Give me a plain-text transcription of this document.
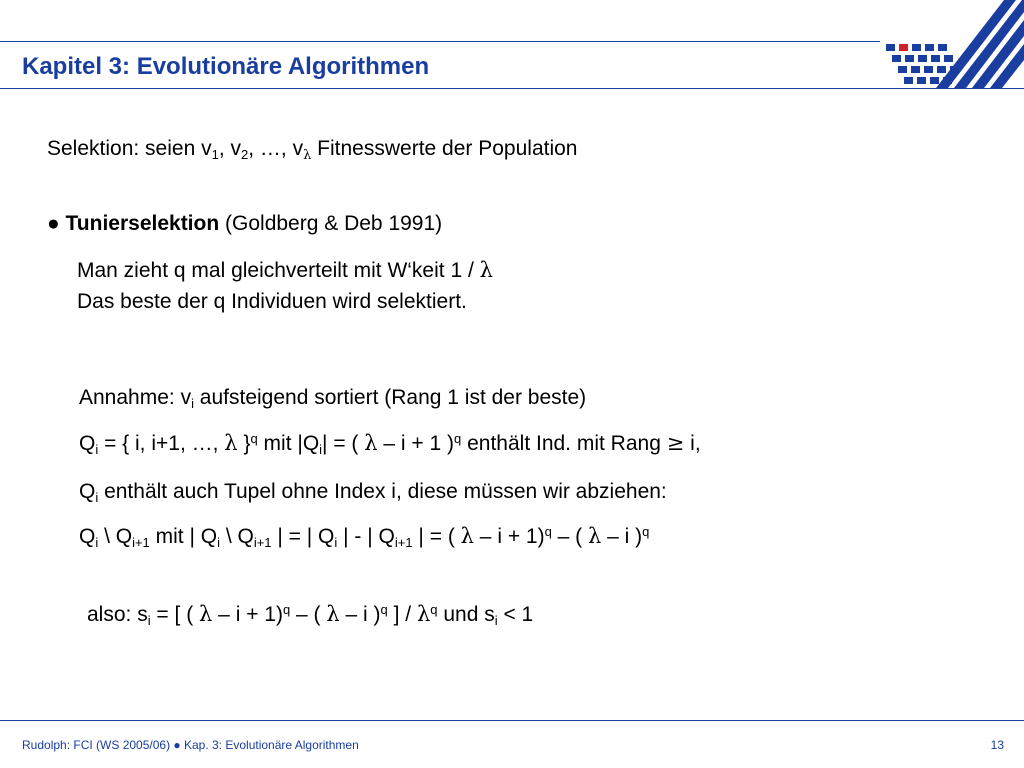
Kapitel 3: Evolutionäre Algorithmen
Selektion: seien $v_1$, $v_2$, …, $v_\lambda$ Fitnesswerte der Population
● Tunierselektion (Goldberg & Deb 1991)
Man zieht q mal gleichverteilt mit W‘keit 1 / λ
Das beste der q Individuen wird selektiert.
Annahme: $v_i$ aufsteigend sortiert (Rang 1 ist der beste)
$Q_i$ = { i, i+1, …, λ }$^q$ mit $|Q_i|$ = ( λ – i + 1 )$^q$ enthält Ind. mit Rang ≥ i,
$Q_i$ enthält auch Tupel ohne Index i, diese müssen wir abziehen:
$Q_i$ \ $Q_{i+1}$ mit | $Q_i$ \ $Q_{i+1}$ | = | $Q_i$ | - | $Q_{i+1}$ | = ( λ – i + 1)$^q$ – ( λ – i )$^q$
also: $s_i$ = [ ( λ – i + 1)$^q$ – ( λ – i )$^q$ ] / $\lambda^q$ und $s_i < 1$
Rudolph: FCI (WS 2005/06) ● Kap. 3: Evolutionäre Algorithmen	13
